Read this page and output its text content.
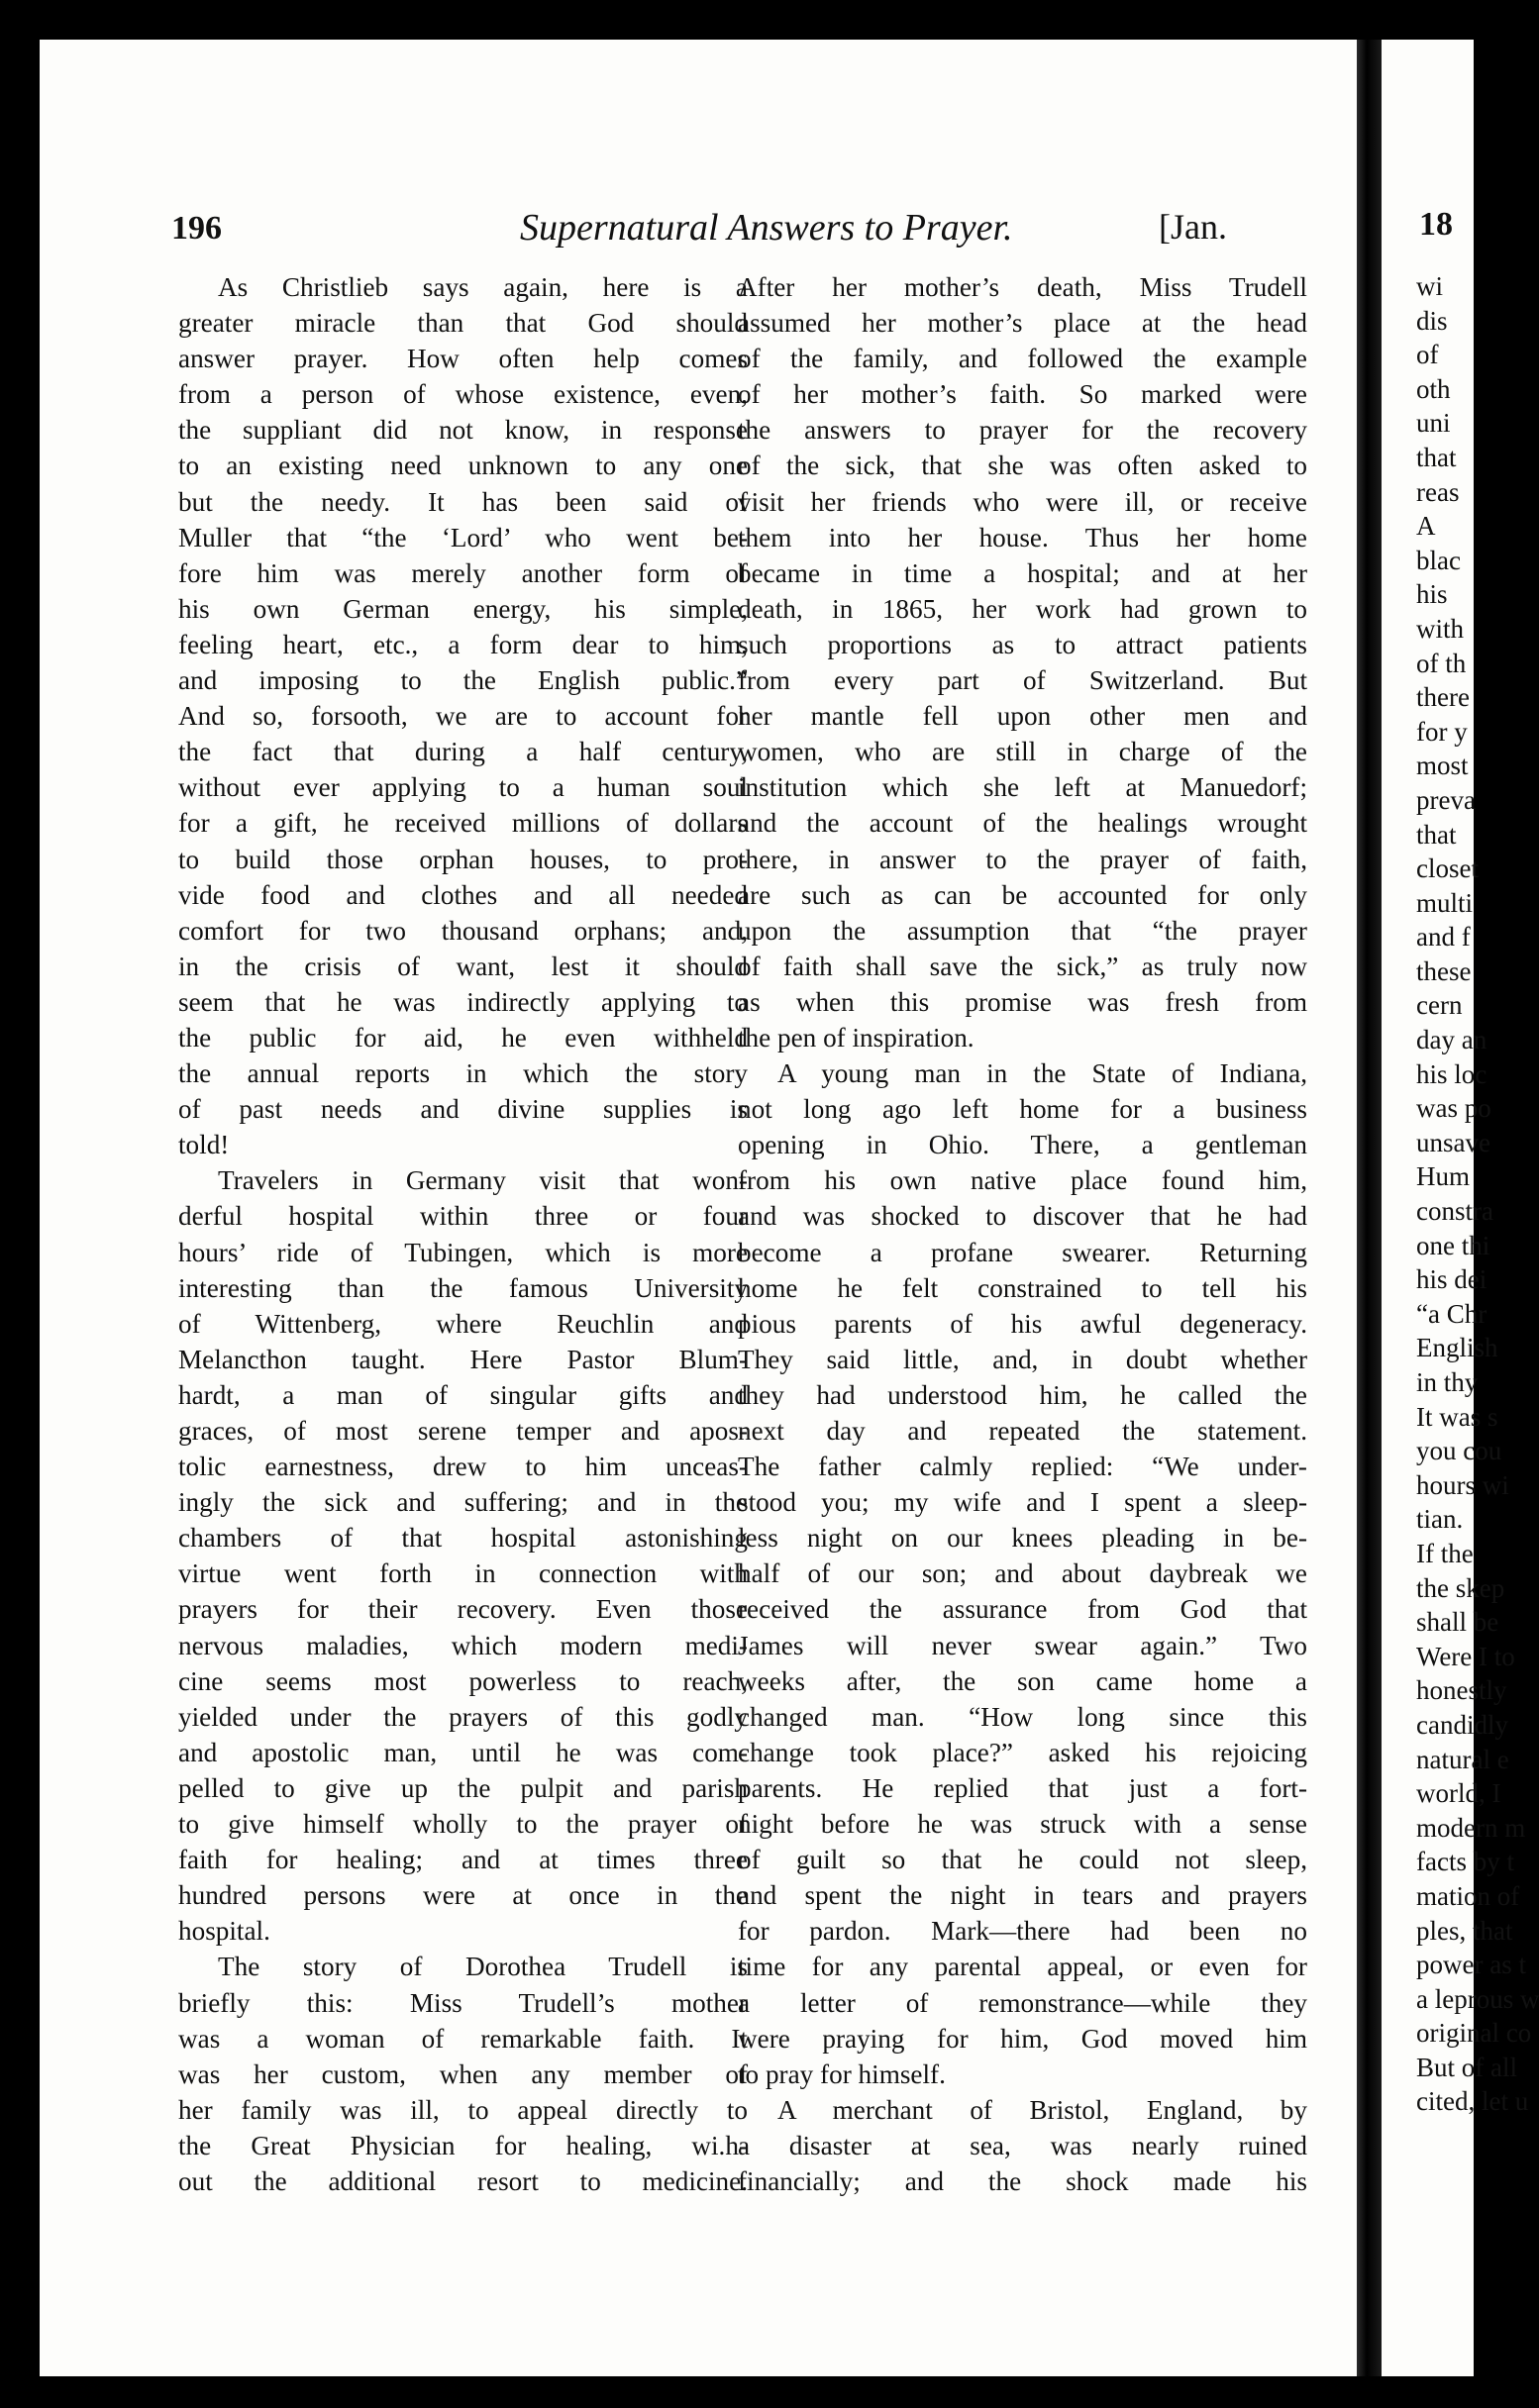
196	Supernatural Answers to Prayer.	[Jan.
As Christlieb says again, here is a
greater miracle than that God should
answer prayer. How often help comes
from a person of whose existence, even,
the suppliant did not know, in response
to an existing need unknown to any one
but the needy. It has been said of
Muller that “the ‘Lord’ who went be-
fore him was merely another form of
his own German energy, his simple,
feeling heart, etc., a form dear to him,
and imposing to the English public.”
And so, forsooth, we are to account for
the fact that during a half century,
without ever applying to a human soul
for a gift, he received millions of dollars
to build those orphan houses, to pro-
vide food and clothes and all needed
comfort for two thousand orphans; and,
in the crisis of want, lest it should
seem that he was indirectly applying to
the public for aid, he even withheld
the annual reports in which the story
of past needs and divine supplies is
told!
Travelers in Germany visit that won-
derful hospital within three or four
hours’ ride of Tubingen, which is more
interesting than the famous University
of Wittenberg, where Reuchlin and
Melancthon taught. Here Pastor Blum-
hardt, a man of singular gifts and
graces, of most serene temper and apos-
tolic earnestness, drew to him unceas-
ingly the sick and suffering; and in the
chambers of that hospital astonishing
virtue went forth in connection with
prayers for their recovery. Even those
nervous maladies, which modern medi-
cine seems most powerless to reach,
yielded under the prayers of this godly
and apostolic man, until he was com-
pelled to give up the pulpit and parish
to give himself wholly to the prayer of
faith for healing; and at times three
hundred persons were at once in the
hospital.
The story of Dorothea Trudell is
briefly this: Miss Trudell’s mother
was a woman of remarkable faith. It
was her custom, when any member of
her family was ill, to appeal directly to
the Great Physician for healing, wi.h-
out the additional resort to medicine.
After her mother’s death, Miss Trudell
assumed her mother’s place at the head
of the family, and followed the example
of her mother’s faith. So marked were
the answers to prayer for the recovery
of the sick, that she was often asked to
visit her friends who were ill, or receive
them into her house. Thus her home
became in time a hospital; and at her
death, in 1865, her work had grown to
such proportions as to attract patients
from every part of Switzerland. But
her mantle fell upon other men and
women, who are still in charge of the
institution which she left at Manuedorf;
and the account of the healings wrought
there, in answer to the prayer of faith,
are such as can be accounted for only
upon the assumption that “the prayer
of faith shall save the sick,” as truly now
as when this promise was fresh from
the pen of inspiration.
A young man in the State of Indiana,
not long ago left home for a business
opening in Ohio. There, a gentleman
from his own native place found him,
and was shocked to discover that he had
become a profane swearer. Returning
home he felt constrained to tell his
pious parents of his awful degeneracy.
They said little, and, in doubt whether
they had understood him, he called the
next day and repeated the statement.
The father calmly replied: “We under-
stood you; my wife and I spent a sleep-
less night on our knees pleading in be-
half of our son; and about daybreak we
received the assurance from God that
James will never swear again.” Two
weeks after, the son came home a
changed man. “How long since this
change took place?” asked his rejoicing
parents. He replied that just a fort-
night before he was struck with a sense
of guilt so that he could not sleep,
and spent the night in tears and prayers
for pardon. Mark—there had been no
time for any parental appeal, or even for
a letter of remonstrance—while they
were praying for him, God moved him
to pray for himself.
A merchant of Bristol, England, by
a disaster at sea, was nearly ruined
financially; and the shock made his
18
wi
dis
of
oth
uni
that
reas
A
blac
his
with
of th
there
for y
most
preva
that
closet
multi
and f
these
cern
day an
his loc
was po
unsave
Hum
constra
one thi
his dei
“a Chr
English
in thy
It was s
you cou
hours wi
tian.
If the
the skep
shall be
Were I to
honestly
candidly
natural e
world, I
modern m
facts by t
mation of
ples, that
power as t
a leprous w
original co
But of all
cited, let u
